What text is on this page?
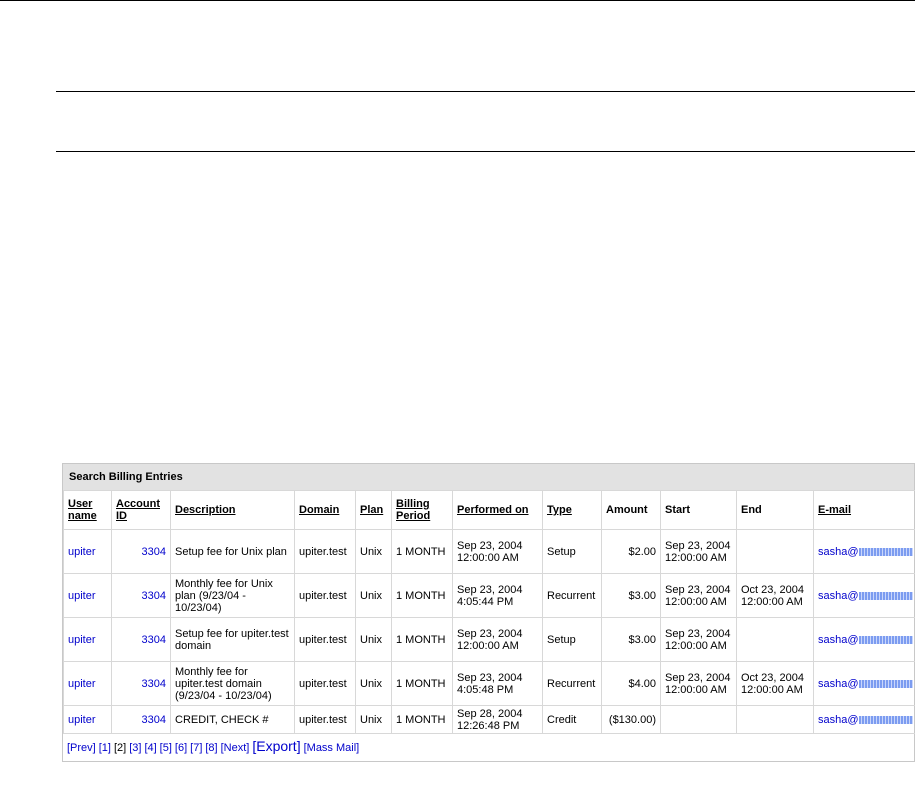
Search Billing Entries
User name	Account ID	Description	Domain	Plan	Billing Period	Performed on	Type	Amount	Start	End	E-mail
upiter	3304	Setup fee for Unix plan	upiter.test	Unix	1 MONTH	Sep 23, 2004 12:00:00 AM	Setup	$2.00	Sep 23, 2004 12:00:00 AM		sasha@
upiter	3304	Monthly fee for Unix plan (9/23/04 - 10/23/04)	upiter.test	Unix	1 MONTH	Sep 23, 2004 4:05:44 PM	Recurrent	$3.00	Sep 23, 2004 12:00:00 AM	Oct 23, 2004 12:00:00 AM	sasha@
upiter	3304	Setup fee for upiter.test domain	upiter.test	Unix	1 MONTH	Sep 23, 2004 12:00:00 AM	Setup	$3.00	Sep 23, 2004 12:00:00 AM		sasha@
upiter	3304	Monthly fee for upiter.test domain (9/23/04 - 10/23/04)	upiter.test	Unix	1 MONTH	Sep 23, 2004 4:05:48 PM	Recurrent	$4.00	Sep 23, 2004 12:00:00 AM	Oct 23, 2004 12:00:00 AM	sasha@
upiter	3304	CREDIT, CHECK #	upiter.test	Unix	1 MONTH	Sep 28, 2004 12:26:48 PM	Credit	($130.00)			sasha@
[Prev] [1] [2] [3] [4] [5] [6] [7] [8] [Next] [Export] [Mass Mail]
